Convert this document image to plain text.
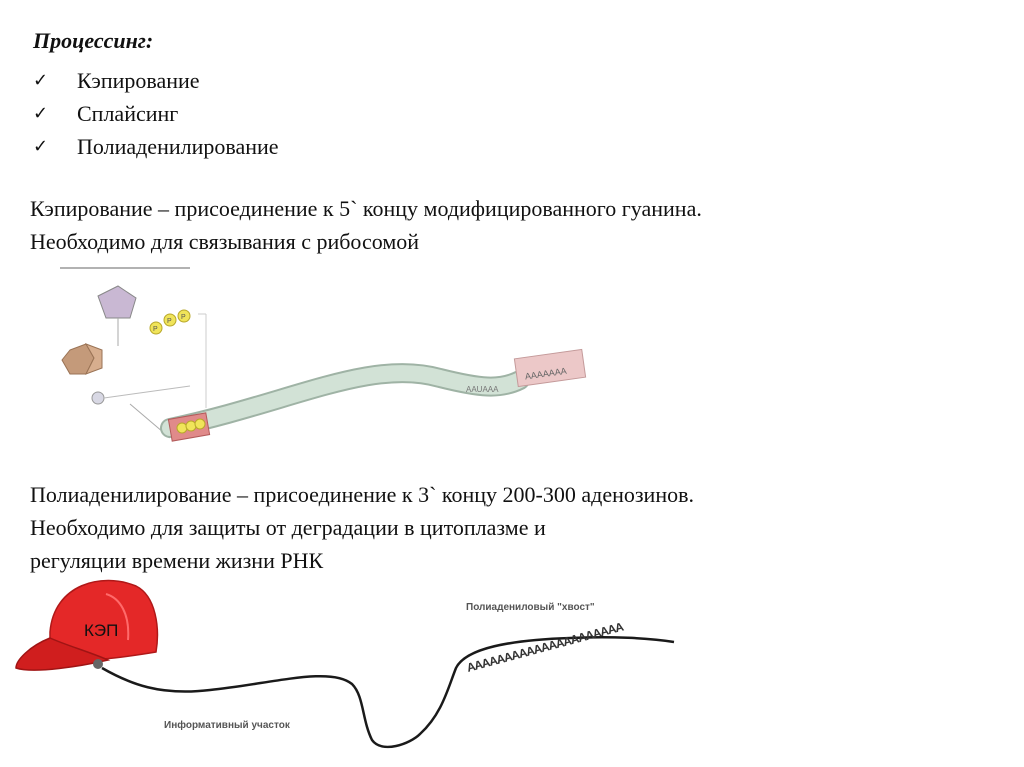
Процессинг:
✓	Кэпирование
✓	Сплайсинг
✓	Полиаденилирование
Кэпирование – присоединение к 5` концу модифицированного гуанина.
Необходимо для связывания с рибосомой
P
P
P
AAAAAAA
AAUAAA
Полиаденилирование – присоединение к 3` концу 200-300 аденозинов.
Необходимо для защиты от деградации в цитоплазме и
регуляции времени жизни РНК
КЭП	AAAAAAAAAAAAAAAAAAAAA
Полиадениловый "хвост"
Информативный участок
